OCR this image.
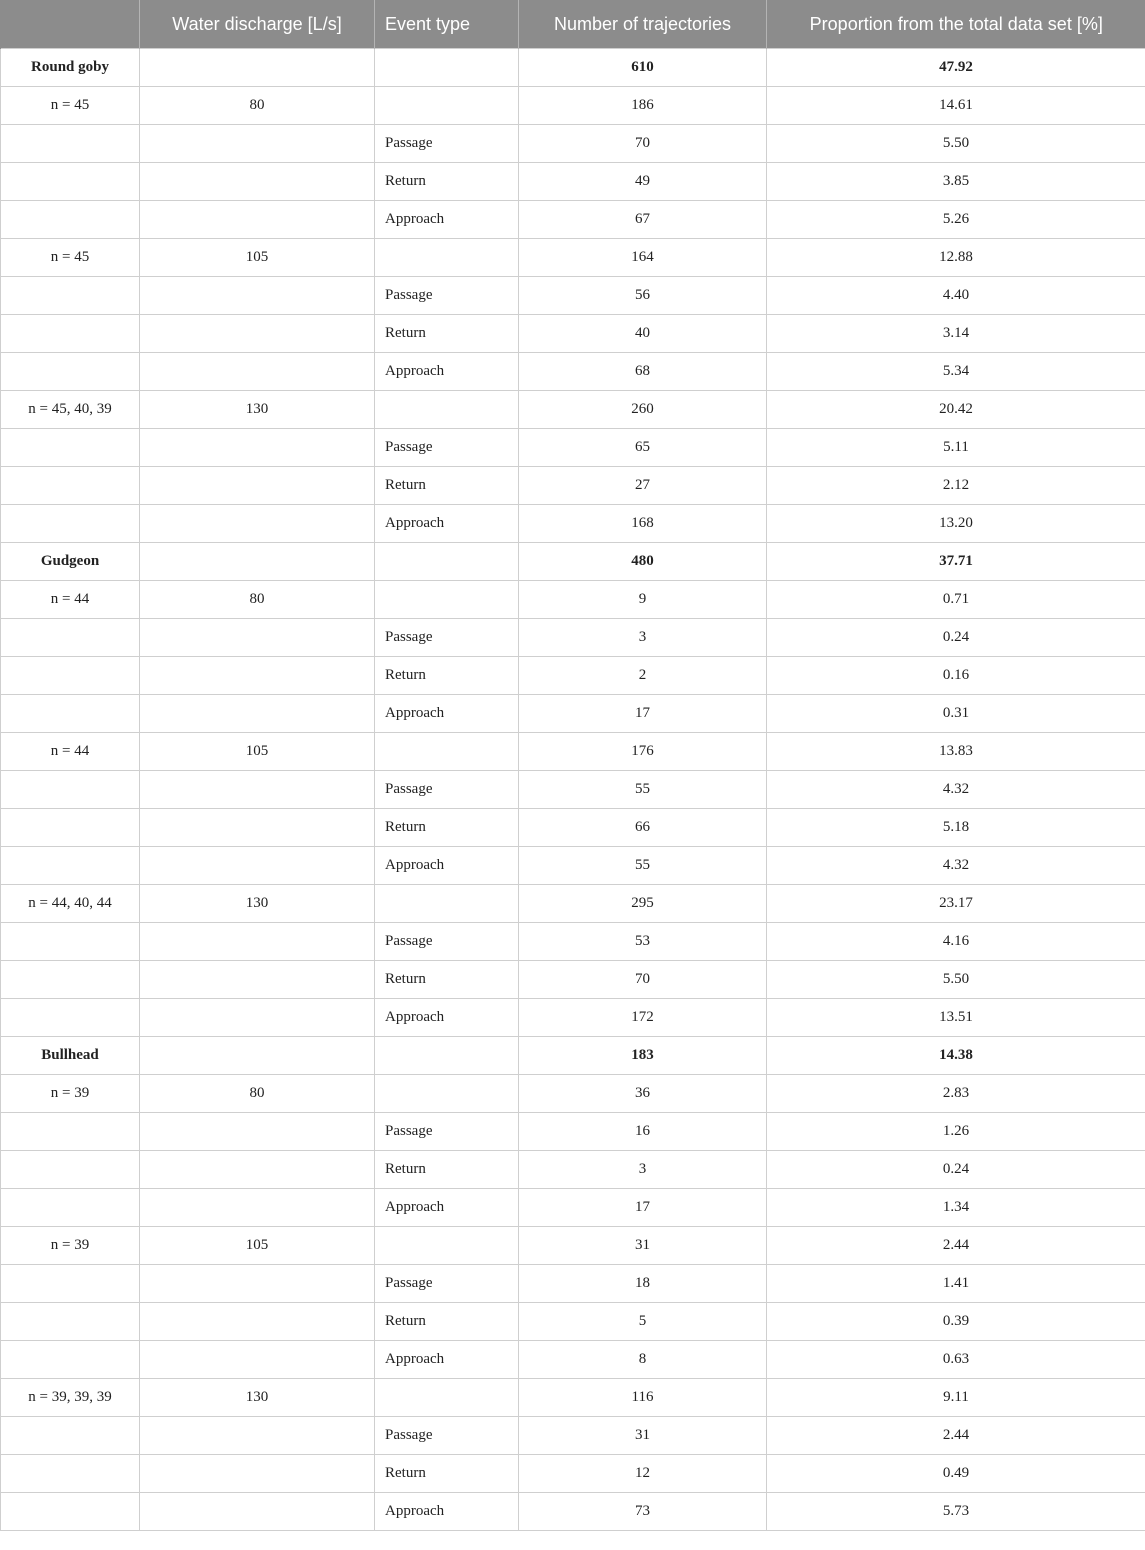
	Water discharge [L/s]	Event type	Number of trajectories	Proportion from the total data set [%]
Round goby			610	47.92
n = 45	80		186	14.61
		Passage	70	5.50
		Return	49	3.85
		Approach	67	5.26
n = 45	105		164	12.88
		Passage	56	4.40
		Return	40	3.14
		Approach	68	5.34
n = 45, 40, 39	130		260	20.42
		Passage	65	5.11
		Return	27	2.12
		Approach	168	13.20
Gudgeon			480	37.71
n = 44	80		9	0.71
		Passage	3	0.24
		Return	2	0.16
		Approach	17	0.31
n = 44	105		176	13.83
		Passage	55	4.32
		Return	66	5.18
		Approach	55	4.32
n = 44, 40, 44	130		295	23.17
		Passage	53	4.16
		Return	70	5.50
		Approach	172	13.51
Bullhead			183	14.38
n = 39	80		36	2.83
		Passage	16	1.26
		Return	3	0.24
		Approach	17	1.34
n = 39	105		31	2.44
		Passage	18	1.41
		Return	5	0.39
		Approach	8	0.63
n = 39, 39, 39	130		116	9.11
		Passage	31	2.44
		Return	12	0.49
		Approach	73	5.73
